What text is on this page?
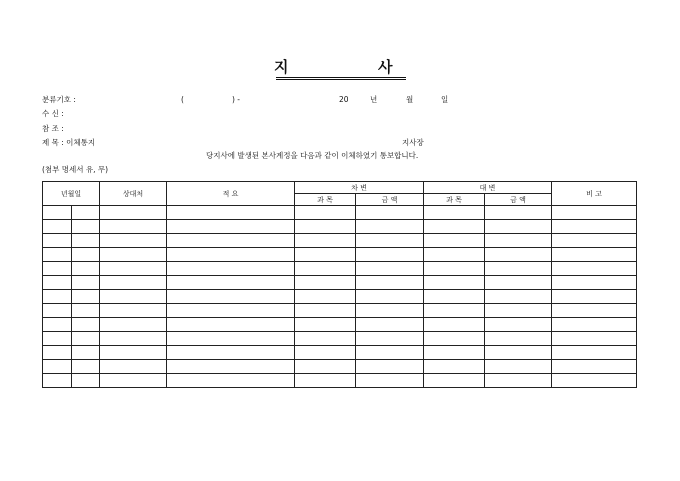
지	사
분류기호 :	(	) -	20	년	월	일
수 신 :
참 조 :
제 목 : 이체통지	지사장
당지사에 발생된 본사계정을 다음과 같이 이체하였기 통보합니다.
(첨부 명세서 유, 무)
년월일		상대처	적 요	차 변		대 변		비 고
				과 목	금 액	과 목	금 액	
